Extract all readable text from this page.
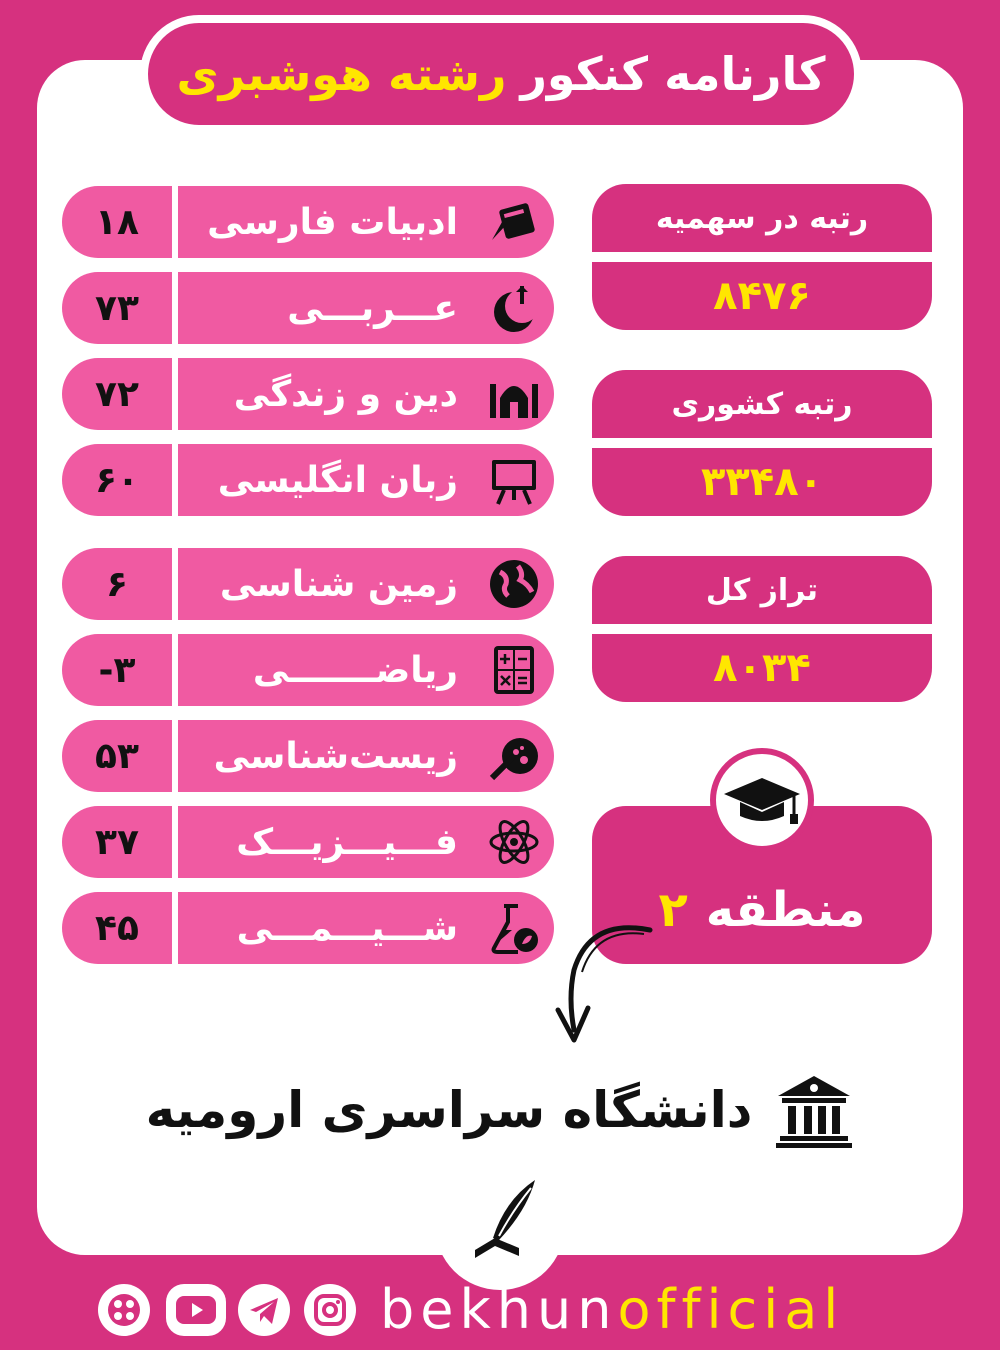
کارنامه کنکور
رشته هوشبری
۱۸	ادبیات فارسی
۷۳	عـــربـــی
۷۲	دین و زندگی
۶۰	زبان انگلیسی
۶	زمین شناسی
-۳	ریاضـــــــی
۵۳	زیست‌شناسی
۳۷	فـــیـــزیـــک
۴۵	شـــیـــمـــی
رتبه در سهمیه
۸۴۷۶
رتبه کشوری
۳۳۴۸۰
تراز کل
۸۰۳۴
منطقه
۲
دانشگاه سراسری ارومیه
bekhun official
